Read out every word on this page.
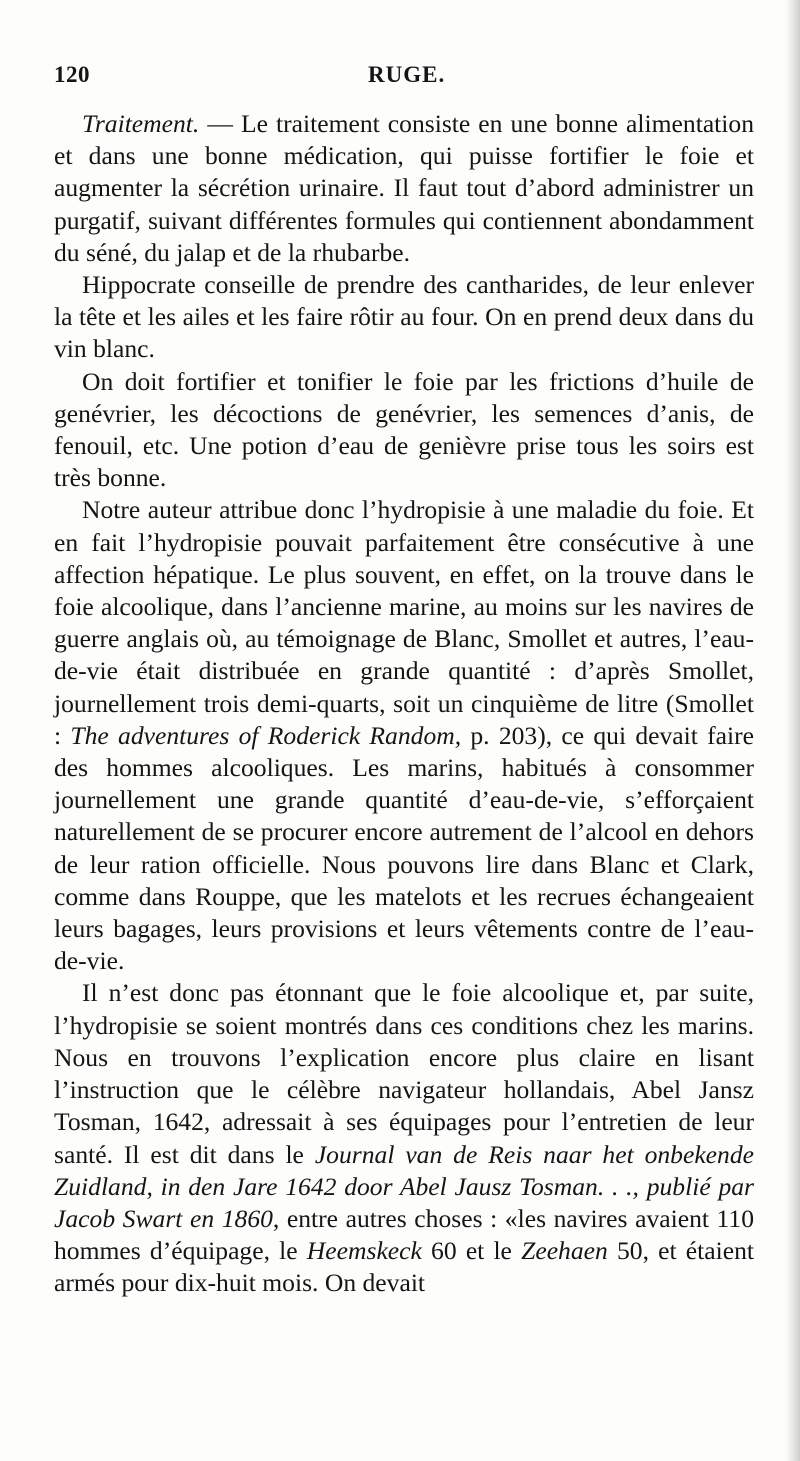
120	RUGE.

Traitement. — Le traitement consiste en une bonne alimentation et dans une bonne médication, qui puisse fortifier le foie et augmenter la sécrétion urinaire. Il faut tout d’abord administrer un purgatif, suivant différentes formules qui contiennent abondamment du séné, du jalap et de la rhubarbe.

Hippocrate conseille de prendre des cantharides, de leur enlever la tête et les ailes et les faire rôtir au four. On en prend deux dans du vin blanc.

On doit fortifier et tonifier le foie par les frictions d’huile de genévrier, les décoctions de genévrier, les semences d’anis, de fenouil, etc. Une potion d’eau de genièvre prise tous les soirs est très bonne.

Notre auteur attribue donc l’hydropisie à une maladie du foie. Et en fait l’hydropisie pouvait parfaitement être consécutive à une affection hépatique. Le plus souvent, en effet, on la trouve dans le foie alcoolique, dans l’ancienne marine, au moins sur les navires de guerre anglais où, au témoignage de Blanc, Smollet et autres, l’eau-de-vie était distribuée en grande quantité : d’après Smollet, journellement trois demi-quarts, soit un cinquième de litre (Smollet : The adventures of Roderick Random, p. 203), ce qui devait faire des hommes alcooliques. Les marins, habitués à consommer journellement une grande quantité d’eau-de-vie, s’efforçaient naturellement de se procurer encore autrement de l’alcool en dehors de leur ration officielle. Nous pouvons lire dans Blanc et Clark, comme dans Rouppe, que les matelots et les recrues échangeaient leurs bagages, leurs provisions et leurs vêtements contre de l’eau-de-vie.

Il n’est donc pas étonnant que le foie alcoolique et, par suite, l’hydropisie se soient montrés dans ces conditions chez les marins. Nous en trouvons l’explication encore plus claire en lisant l’instruction que le célèbre navigateur hollandais, Abel Jansz Tosman, 1642, adressait à ses équipages pour l’entretien de leur santé. Il est dit dans le Journal van de Reis naar het onbekende Zuidland, in den Jare 1642 door Abel Jausz Tosman. . ., publié par Jacob Swart en 1860, entre autres choses : «les navires avaient 110 hommes d’équipage, le Heemskeck 60 et le Zeehaen 50, et étaient armés pour dix-huit mois. On devait
